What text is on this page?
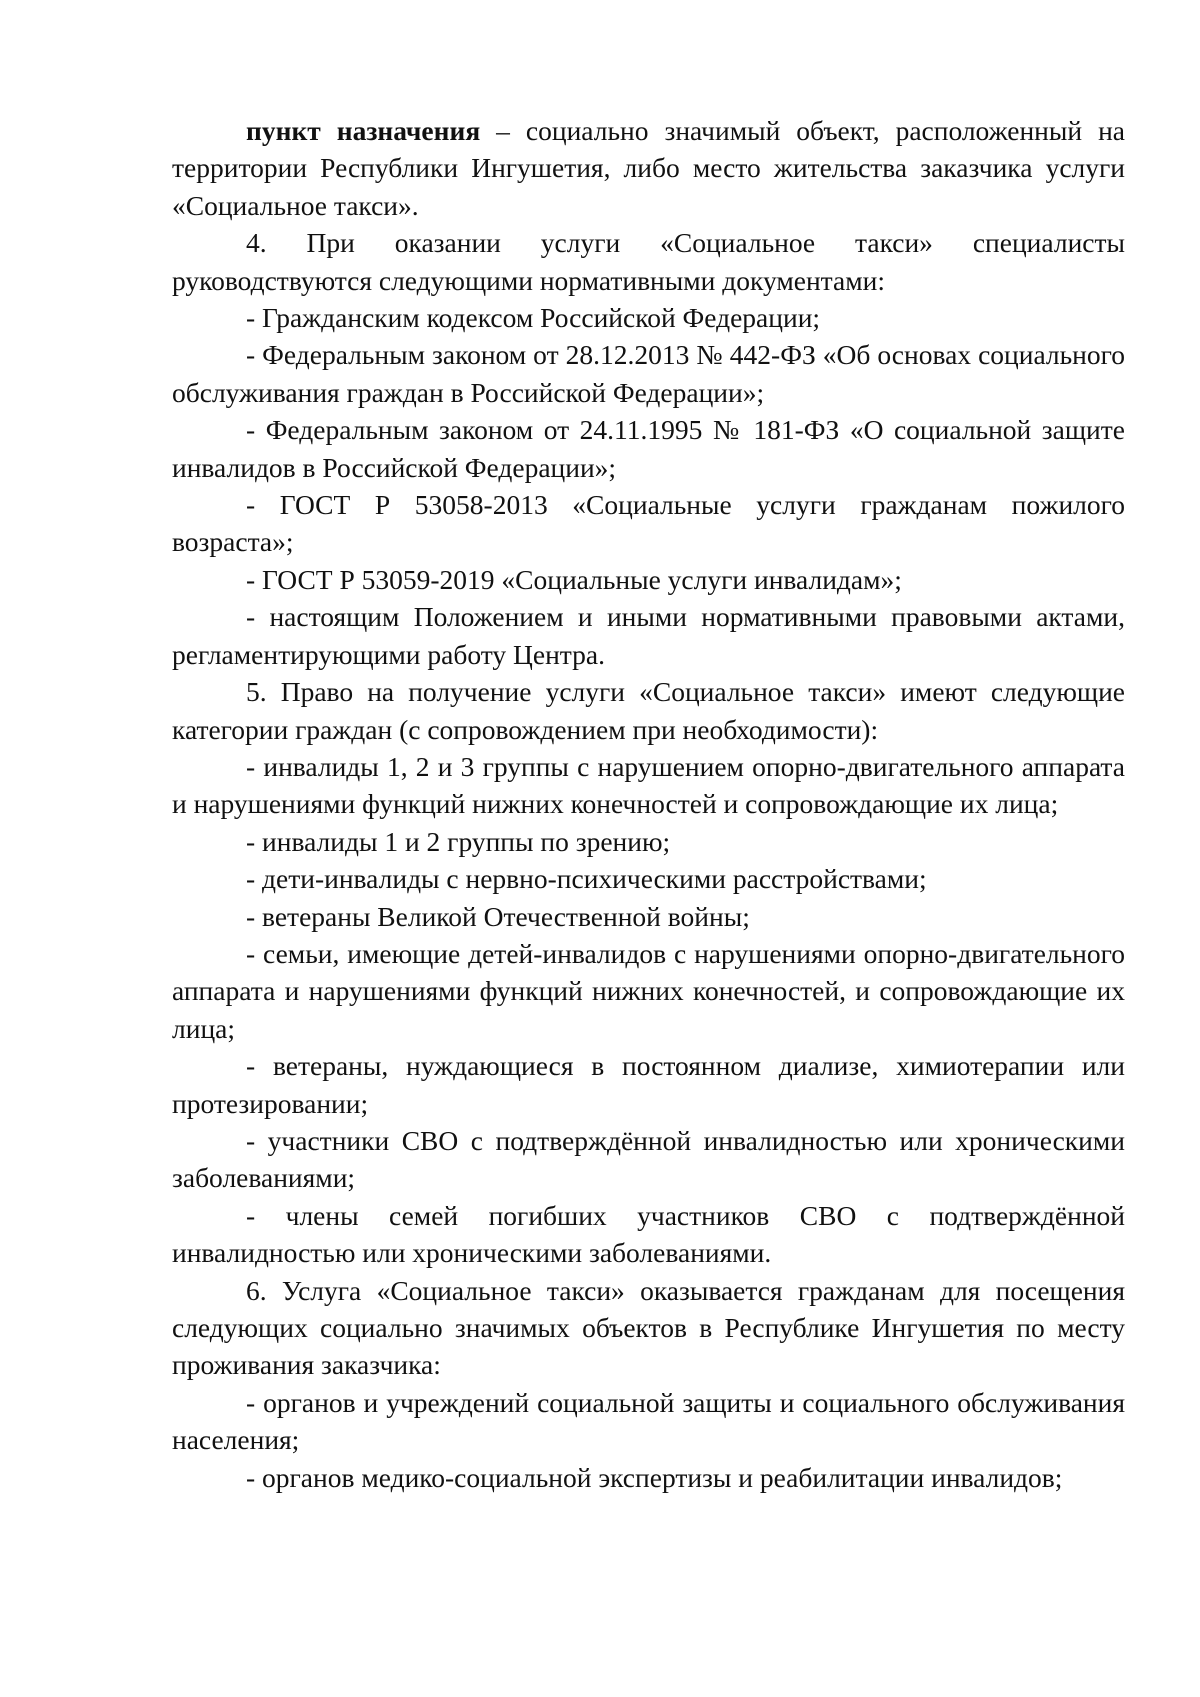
пункт назначения – социально значимый объект, расположенный на территории Республики Ингушетия, либо место жительства заказчика услуги «Социальное такси».

4. При оказании услуги «Социальное такси» специалисты руководствуются следующими нормативными документами:

- Гражданским кодексом Российской Федерации;

- Федеральным законом от 28.12.2013 № 442-ФЗ «Об основах социального обслуживания граждан в Российской Федерации»;

- Федеральным законом от 24.11.1995 № 181-ФЗ «О социальной защите инвалидов в Российской Федерации»;

- ГОСТ Р 53058-2013 «Социальные услуги гражданам пожилого возраста»;

- ГОСТ Р 53059-2019 «Социальные услуги инвалидам»;

- настоящим Положением и иными нормативными правовыми актами, регламентирующими работу Центра.

5. Право на получение услуги «Социальное такси» имеют следующие категории граждан (с сопровождением при необходимости):

- инвалиды 1, 2 и 3 группы с нарушением опорно-двигательного аппарата и нарушениями функций нижних конечностей и сопровождающие их лица;

- инвалиды 1 и 2 группы по зрению;

- дети-инвалиды с нервно-психическими расстройствами;

- ветераны Великой Отечественной войны;

- семьи, имеющие детей-инвалидов с нарушениями опорно-двигательного аппарата и нарушениями функций нижних конечностей, и сопровождающие их лица;

- ветераны, нуждающиеся в постоянном диализе, химиотерапии или протезировании;

- участники СВО с подтверждённой инвалидностью или хроническими заболеваниями;

- члены семей погибших участников СВО с подтверждённой инвалидностью или хроническими заболеваниями.

6. Услуга «Социальное такси» оказывается гражданам для посещения следующих социально значимых объектов в Республике Ингушетия по месту проживания заказчика:

- органов и учреждений социальной защиты и социального обслуживания населения;

- органов медико-социальной экспертизы и реабилитации инвалидов;
